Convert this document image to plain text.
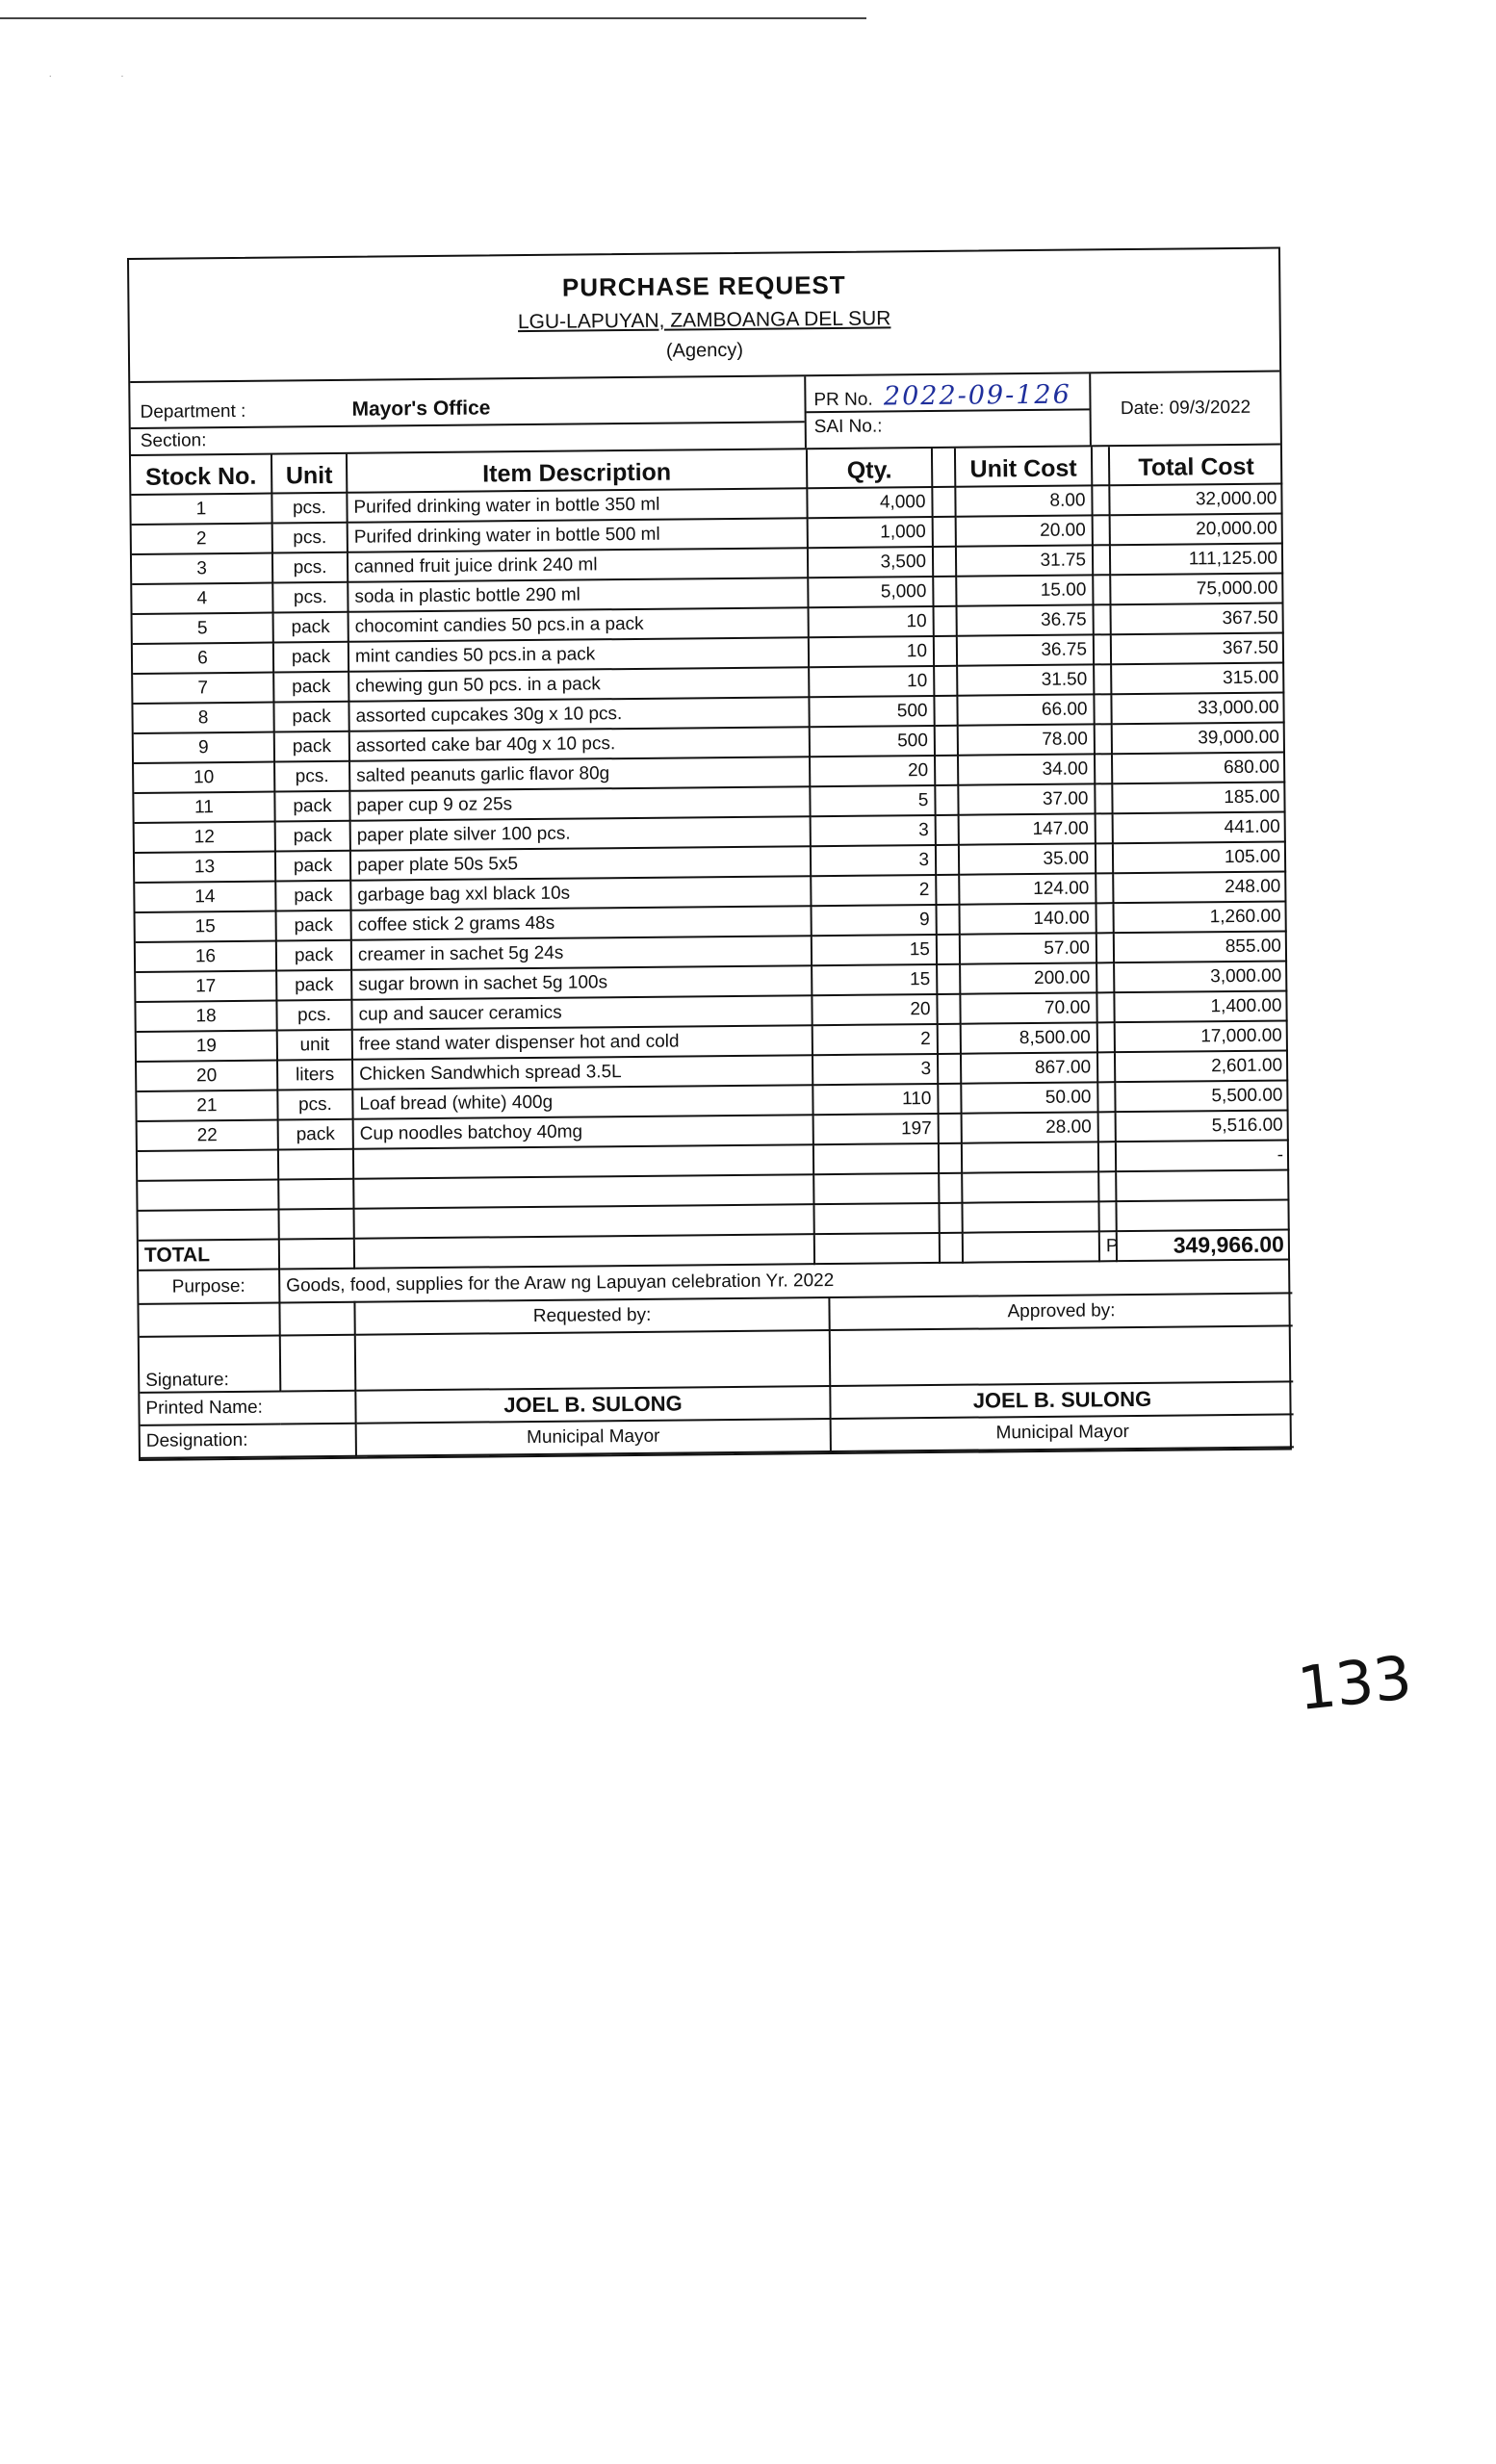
··
PURCHASE REQUEST
LGU-LAPUYAN, ZAMBOANGA DEL SUR
(Agency)
Department :	Mayor's Office
Section:
PR No. 2022-09-126
SAI No.:
Date: 09/3/2022
Stock No.	Unit	Item Description	Qty.		Unit Cost		Total Cost
1	pcs.	Purifed drinking water in bottle 350 ml	4,000		8.00		32,000.00
2	pcs.	Purifed drinking water in bottle 500 ml	1,000		20.00		20,000.00
3	pcs.	canned fruit juice drink 240 ml	3,500		31.75		111,125.00
4	pcs.	soda in plastic bottle 290 ml	5,000		15.00		75,000.00
5	pack	chocomint candies 50 pcs.in a pack	10		36.75		367.50
6	pack	mint candies 50 pcs.in a pack	10		36.75		367.50
7	pack	chewing gun 50 pcs. in a pack	10		31.50		315.00
8	pack	assorted cupcakes 30g x 10 pcs.	500		66.00		33,000.00
9	pack	assorted cake bar 40g x 10 pcs.	500		78.00		39,000.00
10	pcs.	salted peanuts garlic flavor 80g	20		34.00		680.00
11	pack	paper cup 9 oz 25s	5		37.00		185.00
12	pack	paper plate silver 100 pcs.	3		147.00		441.00
13	pack	paper plate 50s 5x5	3		35.00		105.00
14	pack	garbage bag xxl black 10s	2		124.00		248.00
15	pack	coffee stick 2 grams 48s	9		140.00		1,260.00
16	pack	creamer in sachet 5g 24s	15		57.00		855.00
17	pack	sugar brown in sachet 5g 100s	15		200.00		3,000.00
18	pcs.	cup and saucer ceramics	20		70.00		1,400.00
19	unit	free stand water dispenser hot and cold	2		8,500.00		17,000.00
20	liters	Chicken Sandwhich spread 3.5L	3		867.00		2,601.00
21	pcs.	Loaf bread (white) 400g	110		50.00		5,500.00
22	pack	Cup noodles batchoy 40mg	197		28.00		5,516.00
							-

TOTAL						P	349,966.00
Purpose:	Goods, food, supplies for the Araw ng Lapuyan celebration Yr. 2022		
		Requested by:	Approved by:
Signature:			
Printed Name:		JOEL B. SULONG	JOEL B. SULONG
Designation:		Municipal Mayor	Municipal Mayor
133
